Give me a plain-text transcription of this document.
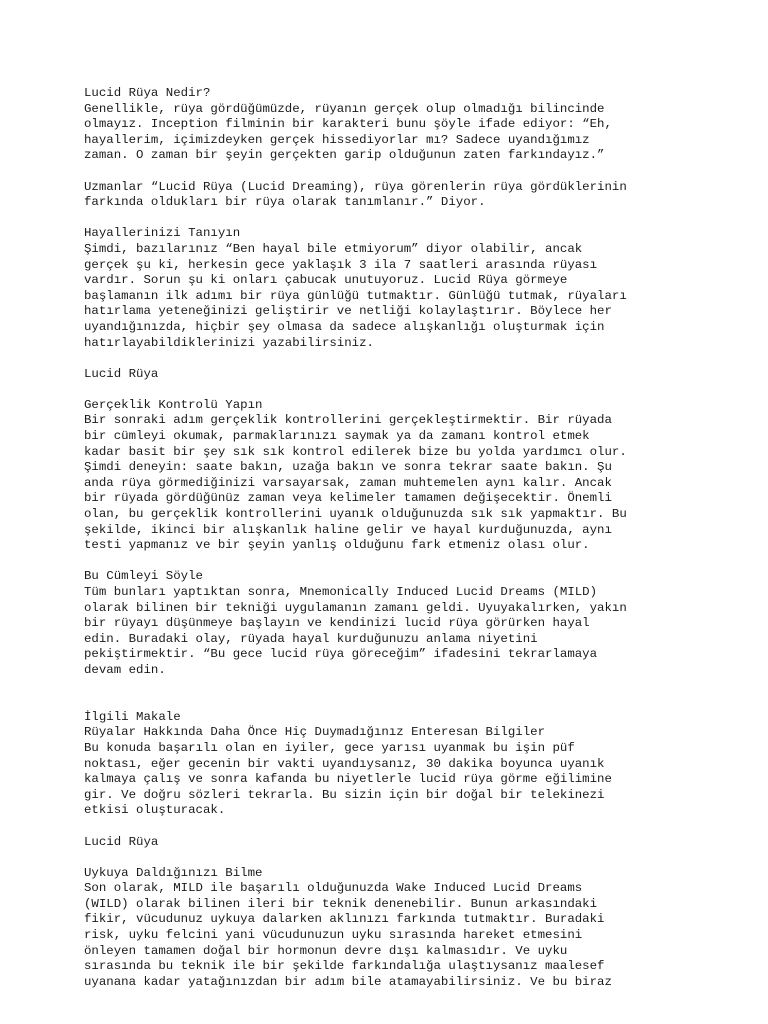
Lucid Rüya Nedir?
Genellikle, rüya gördüğümüzde, rüyanın gerçek olup olmadığı bilincinde
olmayız. Inception filminin bir karakteri bunu şöyle ifade ediyor: “Eh,
hayallerim, içimizdeyken gerçek hissediyorlar mı? Sadece uyandığımız
zaman. O zaman bir şeyin gerçekten garip olduğunun zaten farkındayız.”
Uzmanlar “Lucid Rüya (Lucid Dreaming), rüya görenlerin rüya gördüklerinin
farkında oldukları bir rüya olarak tanımlanır.” Diyor.
Hayallerinizi Tanıyın
Şimdi, bazılarınız “Ben hayal bile etmiyorum” diyor olabilir, ancak
gerçek şu ki, herkesin gece yaklaşık 3 ila 7 saatleri arasında rüyası
vardır. Sorun şu ki onları çabucak unutuyoruz. Lucid Rüya görmeye
başlamanın ilk adımı bir rüya günlüğü tutmaktır. Günlüğü tutmak, rüyaları
hatırlama yeteneğinizi geliştirir ve netliği kolaylaştırır. Böylece her
uyandığınızda, hiçbir şey olmasa da sadece alışkanlığı oluşturmak için
hatırlayabildiklerinizi yazabilirsiniz.
Lucid Rüya
Gerçeklik Kontrolü Yapın
Bir sonraki adım gerçeklik kontrollerini gerçekleştirmektir. Bir rüyada
bir cümleyi okumak, parmaklarınızı saymak ya da zamanı kontrol etmek
kadar basit bir şey sık sık kontrol edilerek bize bu yolda yardımcı olur.
Şimdi deneyin: saate bakın, uzağa bakın ve sonra tekrar saate bakın. Şu
anda rüya görmediğinizi varsayarsak, zaman muhtemelen aynı kalır. Ancak
bir rüyada gördüğünüz zaman veya kelimeler tamamen değişecektir. Önemli
olan, bu gerçeklik kontrollerini uyanık olduğunuzda sık sık yapmaktır. Bu
şekilde, ikinci bir alışkanlık haline gelir ve hayal kurduğunuzda, aynı
testi yapmanız ve bir şeyin yanlış olduğunu fark etmeniz olası olur.
Bu Cümleyi Söyle
Tüm bunları yaptıktan sonra, Mnemonically Induced Lucid Dreams (MILD)
olarak bilinen bir tekniği uygulamanın zamanı geldi. Uyuyakalırken, yakın
bir rüyayı düşünmeye başlayın ve kendinizi lucid rüya görürken hayal
edin. Buradaki olay, rüyada hayal kurduğunuzu anlama niyetini
pekiştirmektir. “Bu gece lucid rüya göreceğim” ifadesini tekrarlamaya
devam edin.
İlgili Makale
Rüyalar Hakkında Daha Önce Hiç Duymadığınız Enteresan Bilgiler
Bu konuda başarılı olan en iyiler, gece yarısı uyanmak bu işin püf
noktası, eğer gecenin bir vakti uyandıysanız, 30 dakika boyunca uyanık
kalmaya çalış ve sonra kafanda bu niyetlerle lucid rüya görme eğilimine
gir. Ve doğru sözleri tekrarla. Bu sizin için bir doğal bir telekinezi
etkisi oluşturacak.
Lucid Rüya
Uykuya Daldığınızı Bilme
Son olarak, MILD ile başarılı olduğunuzda Wake Induced Lucid Dreams
(WILD) olarak bilinen ileri bir teknik denenebilir. Bunun arkasındaki
fikir, vücudunuz uykuya dalarken aklınızı farkında tutmaktır. Buradaki
risk, uyku felcini yani vücudunuzun uyku sırasında hareket etmesini
önleyen tamamen doğal bir hormonun devre dışı kalmasıdır. Ve uyku
sırasında bu teknik ile bir şekilde farkındalığa ulaştıysanız maalesef
uyanana kadar yatağınızdan bir adım bile atamayabilirsiniz. Ve bu biraz
